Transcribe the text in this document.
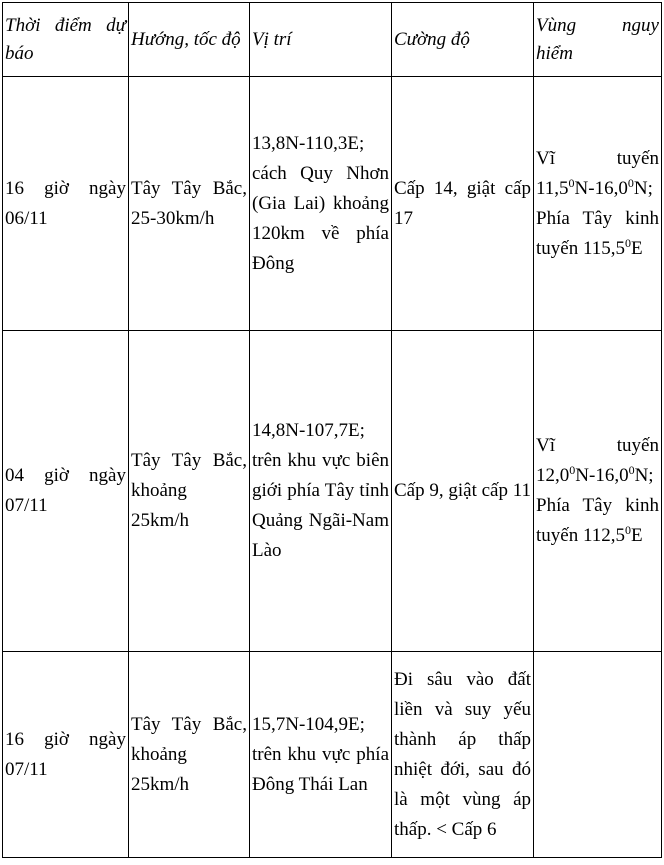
Thời điểm dự báo	Hướng, tốc độ	Vị trí	Cường độ	Vùng nguy hiểm

16 giờ ngày 06/11	Tây Tây Bắc, 25-30km/h	13,8N-110,3E; cách Quy Nhơn (Gia Lai) khoảng 120km về phía Đông	Cấp 14, giật cấp 17	Vĩ tuyến 11,5$^0$N-16,0$^0$N; Phía Tây kinh tuyến 115,5$^0$E

04 giờ ngày 07/11	Tây Tây Bắc, khoảng 25km/h	14,8N-107,7E; trên khu vực biên giới phía Tây tỉnh Quảng Ngãi-Nam Lào	Cấp 9, giật cấp 11	Vĩ tuyến 12,0$^0$N-16,0$^0$N; Phía Tây kinh tuyến 112,5$^0$E

16 giờ ngày 07/11	Tây Tây Bắc, khoảng 25km/h	15,7N-104,9E; trên khu vực phía Đông Thái Lan	Đi sâu vào đất liền và suy yếu thành áp thấp nhiệt đới, sau đó là một vùng áp thấp. < Cấp 6	
